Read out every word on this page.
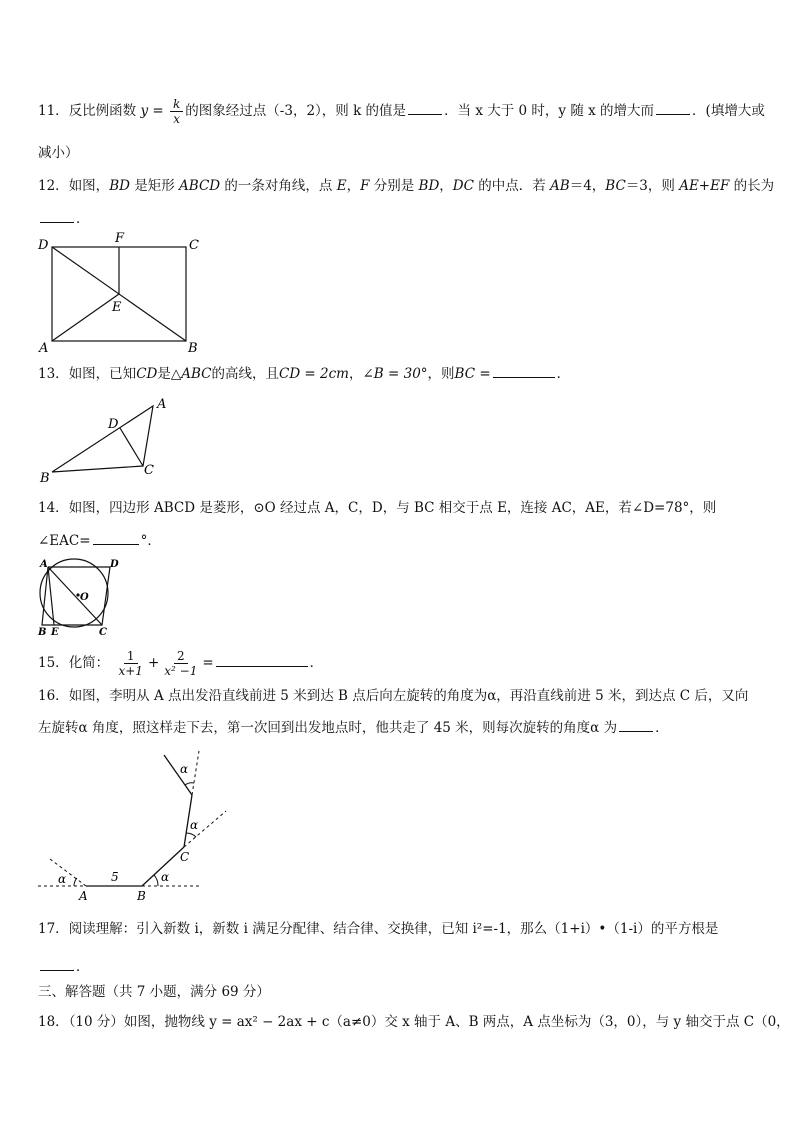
11．反比例函数 $y = \frac{k}{x}$ 的图象经过点（-3，2），则 k 的值是	．当 x 大于 0 时，y 随 x 的增大而	．(填增大或
减小）
12．如图，BD 是矩形 ABCD 的一条对角线，点 E，F 分别是 BD，DC 的中点．若 AB＝4，BC＝3，则 AE+EF 的长为
．
D	F	C
E
A	B
13．如图，已知CD是△ABC的高线，且CD = 2cm，∠B = 30°，则BC =	．
A
D
B
C
14．如图，四边形 ABCD 是菱形，⊙O 经过点 A，C，D，与 BC 相交于点 E，连接 AC，AE，若∠D=78°，则
∠EAC=	°．
A	D
O
B E	C
15．化简： $\frac{1}{x+1} + \frac{2}{\text{x² −1}}$ =	．
16．如图，李明从 A 点出发沿直线前进 5 米到达 B 点后向左旋转的角度为α，再沿直线前进 5 米，到达点 C 后，又向
左旋转α 角度，照这样走下去，第一次回到出发地点时，他共走了 45 米，则每次旋转的角度α 为	．
α	5	α
α
α
A	B
C
17．阅读理解：引入新数 i，新数 i 满足分配律、结合律、交换律，已知 i²=-1，那么（1+i）•（1-i）的平方根是
．
三、解答题（共 7 小题，满分 69 分）
18．（10 分）如图，抛物线 y = ax² − 2ax + c（a≠0）交 x 轴于 A、B 两点，A 点坐标为（3，0），与 y 轴交于点 C（0，
